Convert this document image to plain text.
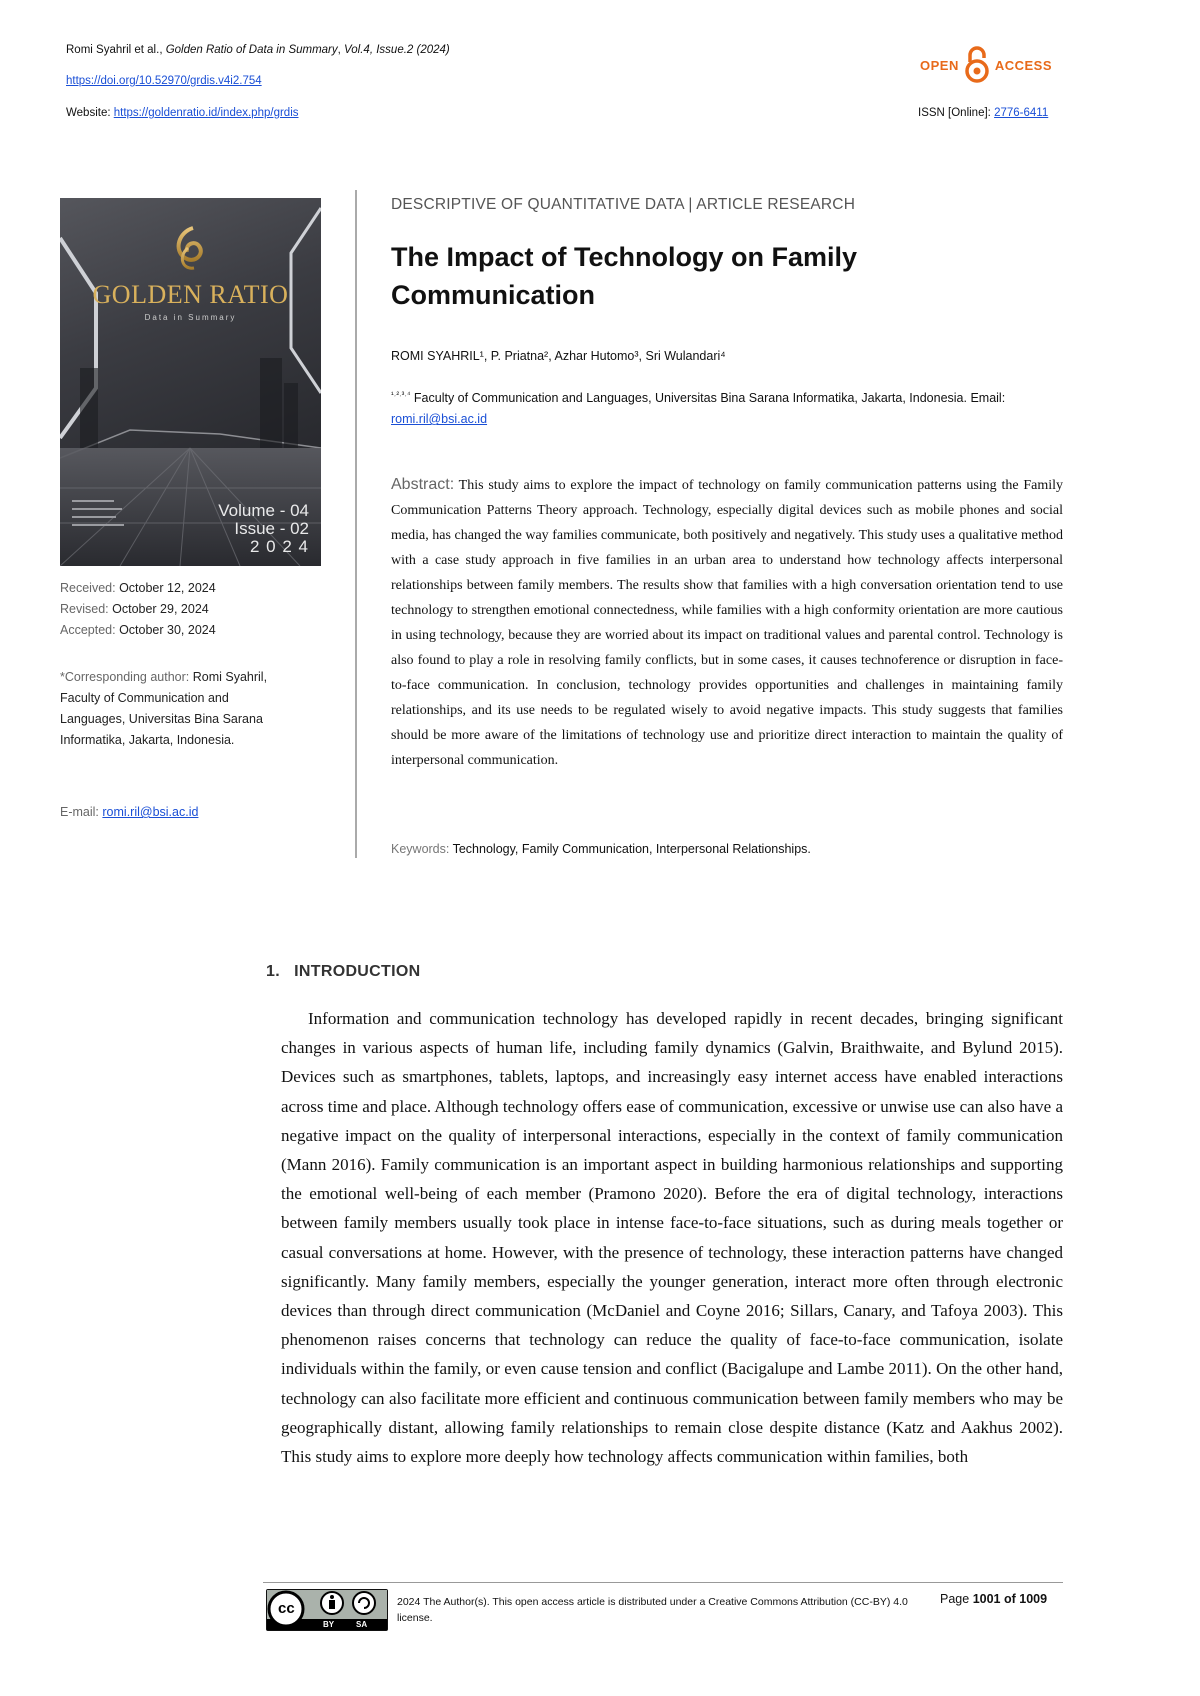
Romi Syahril et al., Golden Ratio of Data in Summary, Vol.4, Issue.2 (2024)
https://doi.org/10.52970/grdis.v4i2.754
Website: https://goldenratio.id/index.php/grdis	ISSN [Online]: 2776-6411
OPEN	ACCESS
GOLDEN RATIO
Data in Summary
Volume - 04
Issue - 02
2 0 2 4
Received: October 12, 2024
Revised: October 29, 2024
Accepted: October 30, 2024
*Corresponding author: Romi Syahril, Faculty of Communication and Languages, Universitas Bina Sarana Informatika, Jakarta, Indonesia.
E-mail: romi.ril@bsi.ac.id
DESCRIPTIVE OF QUANTITATIVE DATA | ARTICLE RESEARCH
The Impact of Technology on Family Communication
ROMI SYAHRIL¹, P. Priatna², Azhar Hutomo³, Sri Wulandari⁴
$^{^1˒^2˒^3˒^4}$ Faculty of Communication and Languages, Universitas Bina Sarana Informatika, Jakarta, Indonesia. Email: romi.ril@bsi.ac.id
Abstract: This study aims to explore the impact of technology on family communication patterns using the Family Communication Patterns Theory approach. Technology, especially digital devices such as mobile phones and social media, has changed the way families communicate, both positively and negatively. This study uses a qualitative method with a case study approach in five families in an urban area to understand how technology affects interpersonal relationships between family members. The results show that families with a high conversation orientation tend to use technology to strengthen emotional connectedness, while families with a high conformity orientation are more cautious in using technology, because they are worried about its impact on traditional values and parental control. Technology is also found to play a role in resolving family conflicts, but in some cases, it causes technoference or disruption in face-to-face communication. In conclusion, technology provides opportunities and challenges in maintaining family relationships, and its use needs to be regulated wisely to avoid negative impacts. This study suggests that families should be more aware of the limitations of technology use and prioritize direct interaction to maintain the quality of interpersonal communication.
Keywords: Technology, Family Communication, Interpersonal Relationships.
1.   INTRODUCTION
Information and communication technology has developed rapidly in recent decades, bringing significant changes in various aspects of human life, including family dynamics (Galvin, Braithwaite, and Bylund 2015). Devices such as smartphones, tablets, laptops, and increasingly easy internet access have enabled interactions across time and place. Although technology offers ease of communication, excessive or unwise use can also have a negative impact on the quality of interpersonal interactions, especially in the context of family communication (Mann 2016). Family communication is an important aspect in building harmonious relationships and supporting the emotional well-being of each member (Pramono 2020). Before the era of digital technology, interactions between family members usually took place in intense face-to-face situations, such as during meals together or casual conversations at home. However, with the presence of technology, these interaction patterns have changed significantly. Many family members, especially the younger generation, interact more often through electronic devices than through direct communication (McDaniel and Coyne 2016; Sillars, Canary, and Tafoya 2003). This phenomenon raises concerns that technology can reduce the quality of face-to-face communication, isolate individuals within the family, or even cause tension and conflict (Bacigalupe and Lambe 2011). On the other hand, technology can also facilitate more efficient and continuous communication between family members who may be geographically distant, allowing family relationships to remain close despite distance (Katz and Aakhus 2002). This study aims to explore more deeply how technology affects communication within families, both
cc
BY	SA
2024 The Author(s). This open access article is distributed under a Creative Commons Attribution (CC-BY) 4.0 license.
Page 1001 of 1009
